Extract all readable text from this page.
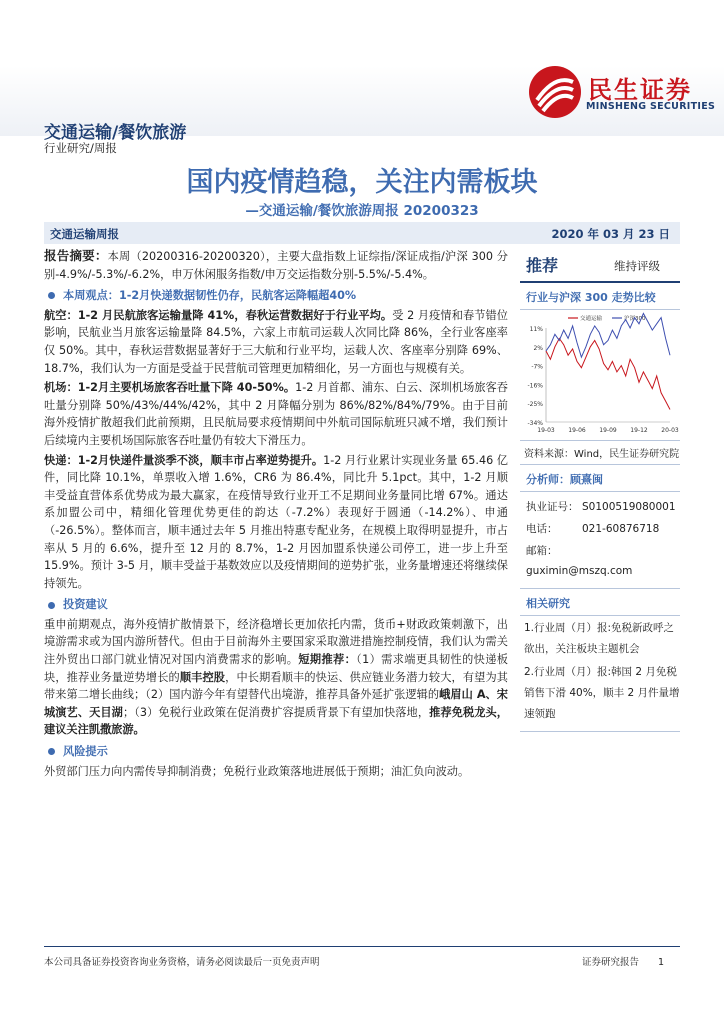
民生证券
MINSHENG SECURITIES
交通运输/餐饮旅游
行业研究/周报
国内疫情趋稳，关注内需板块
—交通运输/餐饮旅游周报 20200323
交通运输周报	2020 年 03 月 23 日

报告摘要：本周（20200316-20200320），主要大盘指数上证综指/深证成指/沪深 300 分别-4.9%/-5.3%/-6.2%，申万休闲服务指数/申万交运指数分别-5.5%/-5.4%。

本周观点：1-2月快递数据韧性仍存，民航客运降幅超40%

航空：1-2 月民航旅客运输量降 41%，春秋运营数据好于行业平均。受 2 月疫情和春节错位影响，民航业当月旅客运输量降 84.5%，六家上市航司运载人次同比降 86%，全行业客座率仅 50%。其中，春秋运营数据显著好于三大航和行业平均，运载人次、客座率分别降 69%、18.7%，我们认为一方面是受益于民营航司管理更加精细化，另一方面也与规模有关。

机场：1-2月主要机场旅客吞吐量下降 40-50%。1-2 月首都、浦东、白云、深圳机场旅客吞吐量分别降 50%/43%/44%/42%，其中 2 月降幅分别为 86%/82%/84%/79%。由于目前海外疫情扩散超我们此前预期，且民航局要求疫情期间中外航司国际航班只减不增，我们预计后续境内主要机场国际旅客吞吐量仍有较大下滑压力。

快递：1-2月快递件量淡季不淡，顺丰市占率逆势提升。1-2 月行业累计实现业务量 65.46 亿件，同比降 10.1%，单票收入增 1.6%，CR6 为 86.4%，同比升 5.1pct。其中，1-2 月顺丰受益直营体系优势成为最大赢家，在疫情导致行业开工不足期间业务量同比增 67%。通达系加盟公司中，精细化管理优势更佳的韵达（-7.2%）表现好于圆通（-14.2%）、申通（-26.5%）。整体而言，顺丰通过去年 5 月推出特惠专配业务，在规模上取得明显提升，市占率从 5 月的 6.6%，提升至 12 月的 8.7%，1-2 月因加盟系快递公司停工，进一步上升至 15.9%。预计 3-5 月，顺丰受益于基数效应以及疫情期间的逆势扩张，业务量增速还将继续保持领先。

投资建议

重申前期观点，海外疫情扩散情景下，经济稳增长更加依托内需，货币+财政政策刺激下，出境游需求或为国内游所替代。但由于目前海外主要国家采取激进措施控制疫情，我们认为需关注外贸出口部门就业情况对国内消费需求的影响。短期推荐：（1）需求端更具韧性的快递板块，推荐业务量逆势增长的顺丰控股，中长期看顺丰的快运、供应链业务潜力较大，有望为其带来第二增长曲线；（2）国内游今年有望替代出境游，推荐具备外延扩张逻辑的峨眉山 A、宋城演艺、天目湖；（3）免税行业政策在促消费扩容提质背景下有望加快落地，推荐免税龙头，建议关注凯撒旅游。

风险提示

外贸部门压力向内需传导抑制消费；免税行业政策落地进展低于预期；油汇负向波动。

推荐	维持评级
行业与沪深 300 走势比较
11%
2%
-7%
-16%
-25%
-34%
19-03 19-06 19-09 19-12 20-03
交通运输	沪深300
资料来源：Wind，民生证券研究院
分析师：顾熹闽
执业证号： S0100519080001
电话： 021-60876718
邮箱：guximin@mszq.com
相关研究
1.行业周（月）报:免税新政呼之欲出，关注板块主题机会
2.行业周（月）报:韩国 2 月免税销售下滑 40%，顺丰 2 月件量增速领跑
本公司具备证券投资咨询业务资格，请务必阅读最后一页免责声明	证券研究报告　　1
